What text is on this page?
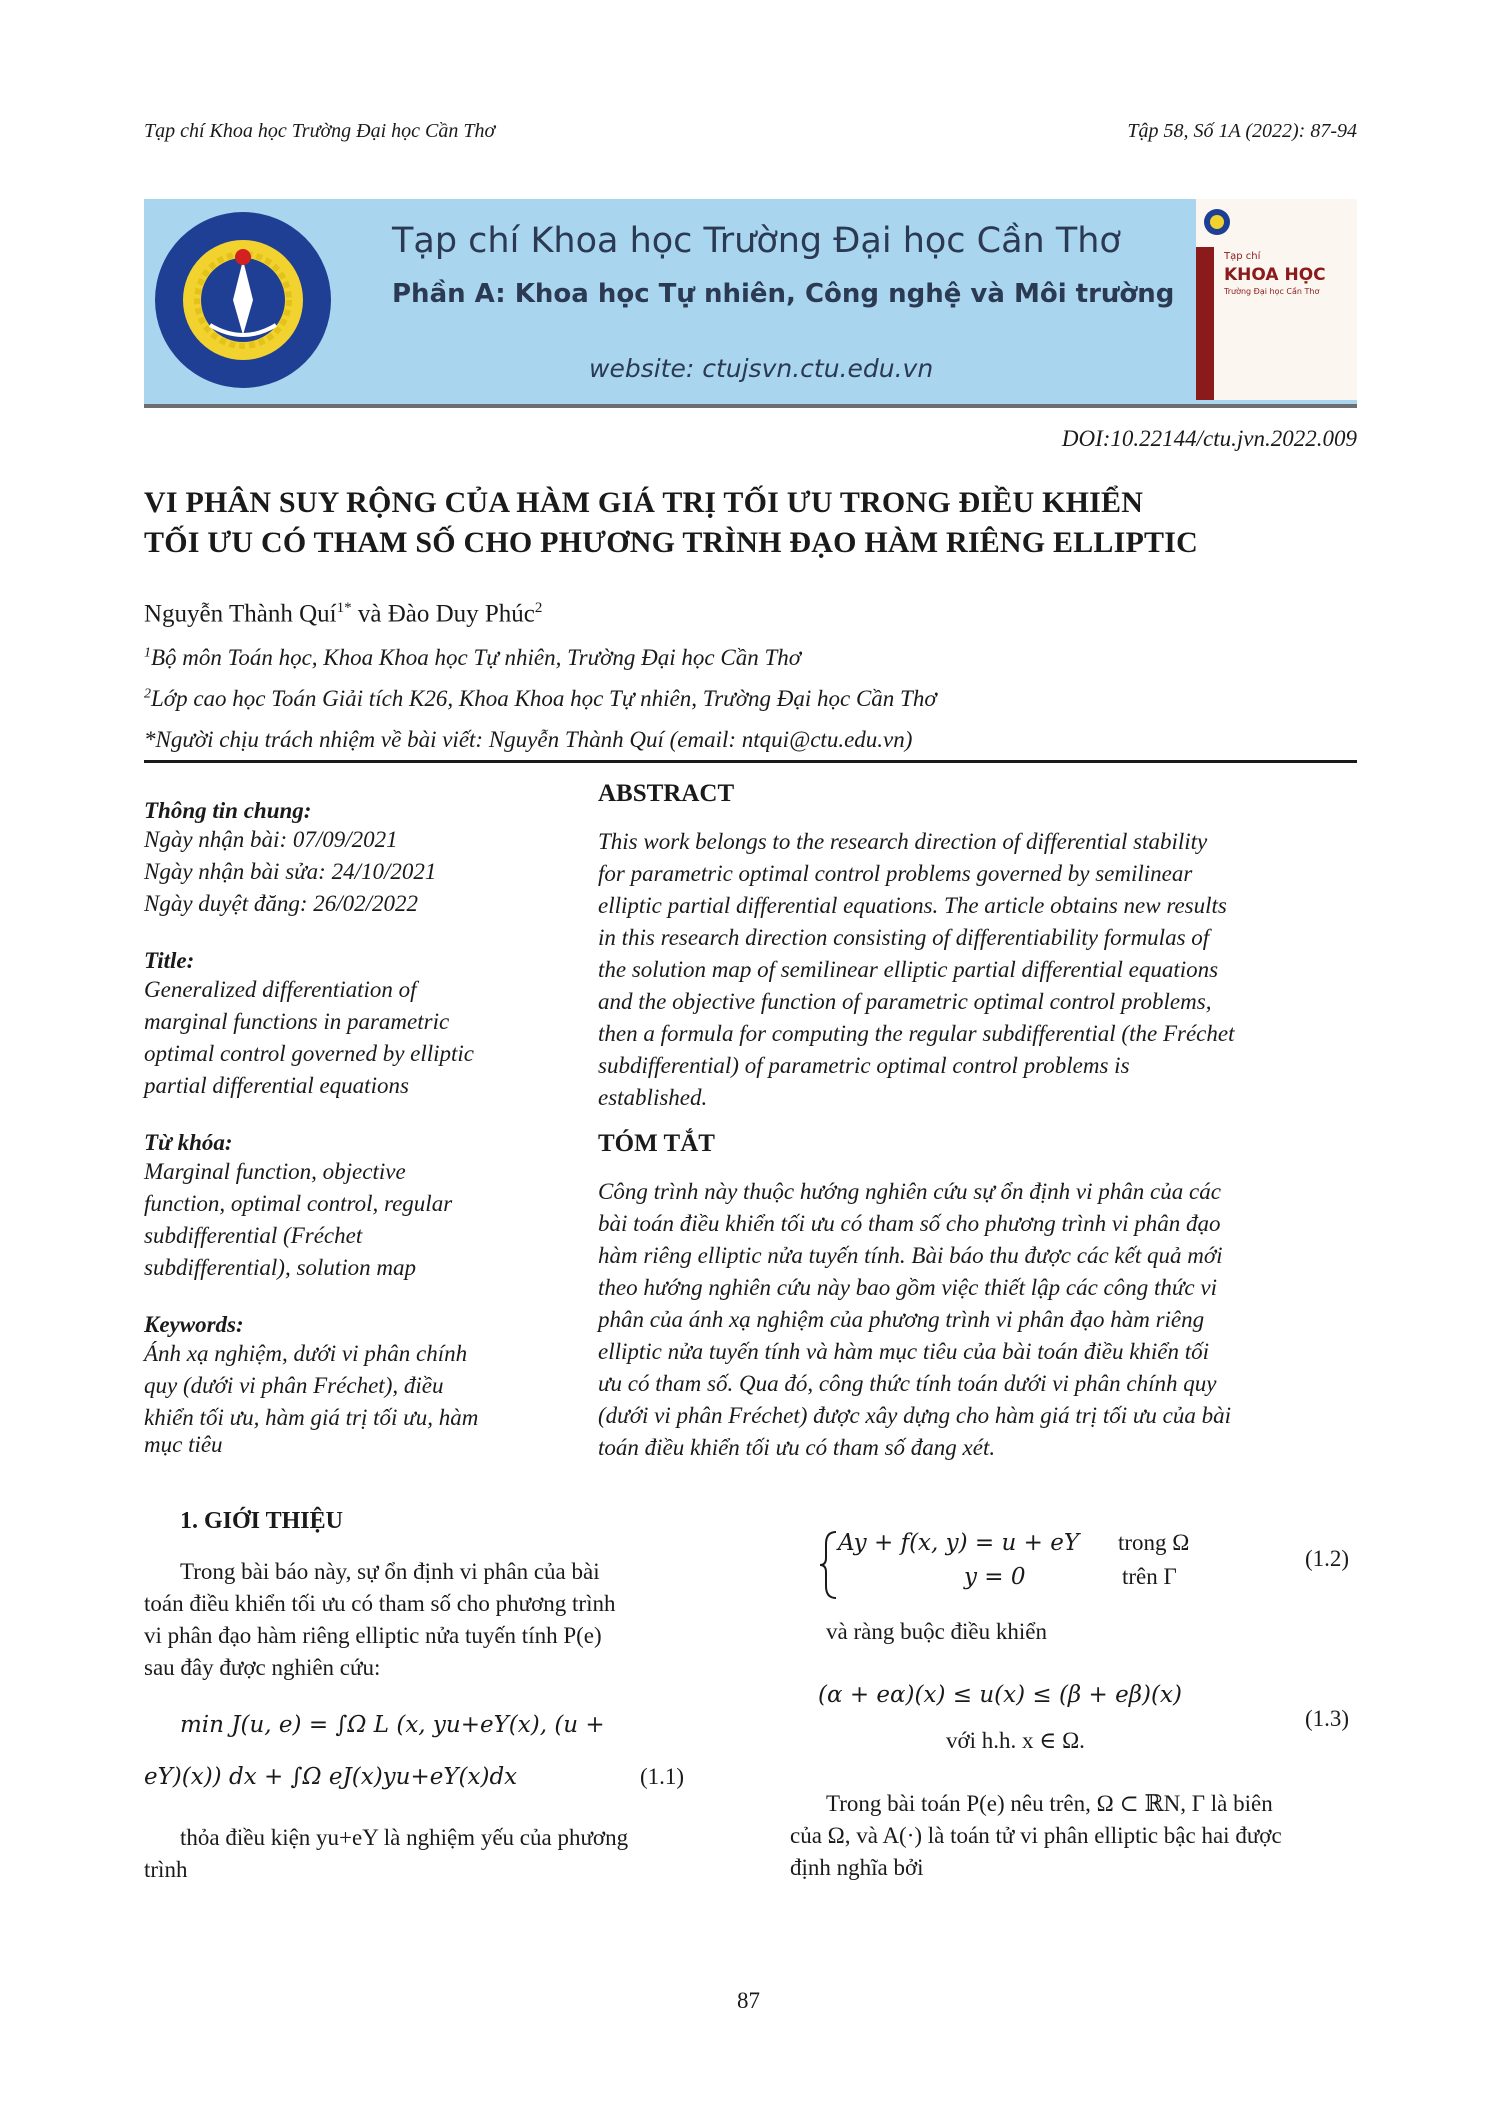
Tạp chí Khoa học Trường Đại học Cần Thơ	Tập 58, Số 1A (2022): 87-94
Tạp chí Khoa học Trường Đại học Cần Thơ
Phần A: Khoa học Tự nhiên, Công nghệ và Môi trường
website: ctujsvn.ctu.edu.vn
Tạp chí
KHOA HỌC
Trường Đại học Cần Thơ
DOI:10.22144/ctu.jvn.2022.009
VI PHÂN SUY RỘNG CỦA HÀM GIÁ TRỊ TỐI ƯU TRONG ĐIỀU KHIỂN
TỐI ƯU CÓ THAM SỐ CHO PHƯƠNG TRÌNH ĐẠO HÀM RIÊNG ELLIPTIC
Nguyễn Thành Quí$^{1*}$ và Đào Duy Phúc$^2$
$^1$Bộ môn Toán học, Khoa Khoa học Tự nhiên, Trường Đại học Cần Thơ
$^2$Lớp cao học Toán Giải tích K26, Khoa Khoa học Tự nhiên, Trường Đại học Cần Thơ
*Người chịu trách nhiệm về bài viết: Nguyễn Thành Quí (email: ntqui@ctu.edu.vn)
Thông tin chung:
Ngày nhận bài: 07/09/2021
Ngày nhận bài sửa: 24/10/2021
Ngày duyệt đăng: 26/02/2022
Title:
Generalized differentiation of
marginal functions in parametric
optimal control governed by elliptic
partial differential equations
Từ khóa:
Marginal function, objective
function, optimal control, regular
subdifferential (Fréchet
subdifferential), solution map
Keywords:
Ánh xạ nghiệm, dưới vi phân chính
quy (dưới vi phân Fréchet), điều
khiển tối ưu, hàm giá trị tối ưu, hàm
mục tiêu
ABSTRACT
This work belongs to the research direction of differential stability
for parametric optimal control problems governed by semilinear
elliptic partial differential equations. The article obtains new results
in this research direction consisting of differentiability formulas of
the solution map of semilinear elliptic partial differential equations
and the objective function of parametric optimal control problems,
then a formula for computing the regular subdifferential (the Fréchet
subdifferential) of parametric optimal control problems is
established.
TÓM TẮT
Công trình này thuộc hướng nghiên cứu sự ổn định vi phân của các
bài toán điều khiển tối ưu có tham số cho phương trình vi phân đạo
hàm riêng elliptic nửa tuyến tính. Bài báo thu được các kết quả mới
theo hướng nghiên cứu này bao gồm việc thiết lập các công thức vi
phân của ánh xạ nghiệm của phương trình vi phân đạo hàm riêng
elliptic nửa tuyến tính và hàm mục tiêu của bài toán điều khiển tối
ưu có tham số. Qua đó, công thức tính toán dưới vi phân chính quy
(dưới vi phân Fréchet) được xây dựng cho hàm giá trị tối ưu của bài
toán điều khiển tối ưu có tham số đang xét.
1. GIỚI THIỆU
Trong bài báo này, sự ổn định vi phân của bài
toán điều khiển tối ưu có tham số cho phương trình
vi phân đạo hàm riêng elliptic nửa tuyến tính P(e)
sau đây được nghiên cứu:
min J(u, e) = ∫Ω L (x, yu+eY(x), (u +
eY)(x)) dx + ∫Ω eJ(x)yu+eY(x)dx	(1.1)
thỏa điều kiện yu+eY là nghiệm yếu của phương
trình
Ay + f(x, y) = u + eY trong Ω
y = 0	trên Γ
(1.2)
và ràng buộc điều khiển
(α + eα)(x) ≤ u(x) ≤ (β + eβ)(x)
với h.h. x ∈ Ω.
(1.3)
Trong bài toán P(e) nêu trên, Ω ⊂ ℝN, Γ là biên
của Ω, và A(·) là toán tử vi phân elliptic bậc hai được
định nghĩa bởi
87
